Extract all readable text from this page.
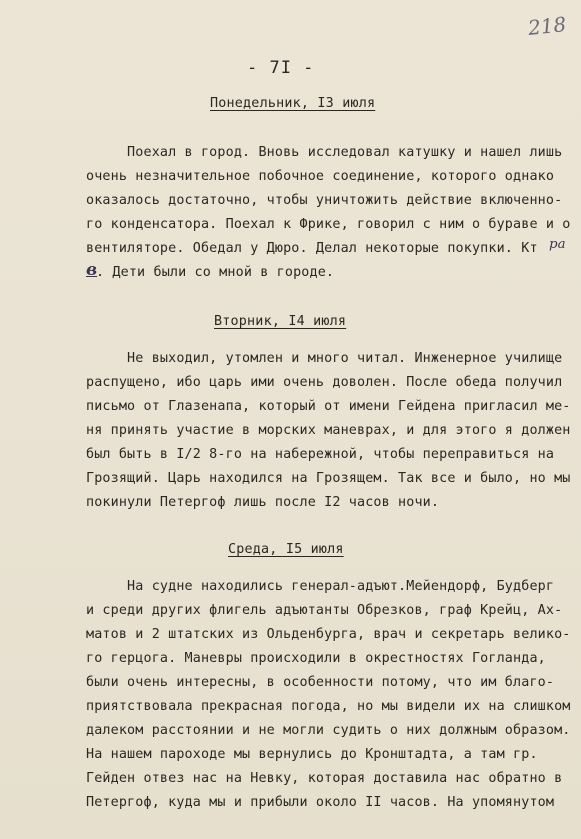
218
- 7I -
Понедельник, I3 июля
Поехал в город. Вновь исследовал катушку и нашел лишь
очень незначительное побочное соединение, которого однако
оказалось достаточно, чтобы уничтожить действие включенно-
го конденсатора. Поехал к Фрике, говорил с ним о бураве и о
вентиляторе. Обедал у Дюро. Делал некоторые покупки. Кт ра
в
. Дети были со мной в городе.
Вторник, I4 июля
Не выходил, утомлен и много читал. Инженерное училище
распущено, ибо царь ими очень доволен. После обеда получил
письмо от Глазенапа, который от имени Гейдена пригласил ме-
ня принять участие в морских маневрах, и для этого я должен
был быть в I/2 8-го на набережной, чтобы переправиться на
Грозящий. Царь находился на Грозящем. Так все и было, но мы
покинули Петергоф лишь после I2 часов ночи.
Среда, I5 июля
На судне находились генерал-адъют.Мейендорф, Будберг
и среди других флигель адъютанты Обрезков, граф Крейц, Ах-
матов и 2 штатских из Ольденбурга, врач и секретарь велико-
го герцога. Маневры происходили в окрестностях Гогланда,
были очень интересны, в особенности потому, что им благо-
приятствовала прекрасная погода, но мы видели их на слишком
далеком расстоянии и не могли судить о них должным образом.
На нашем пароходе мы вернулись до Кронштадта, а там гр.
Гейден отвез нас на Невку, которая доставила нас обратно в
Петергоф, куда мы и прибыли около II часов. На упомянутом
